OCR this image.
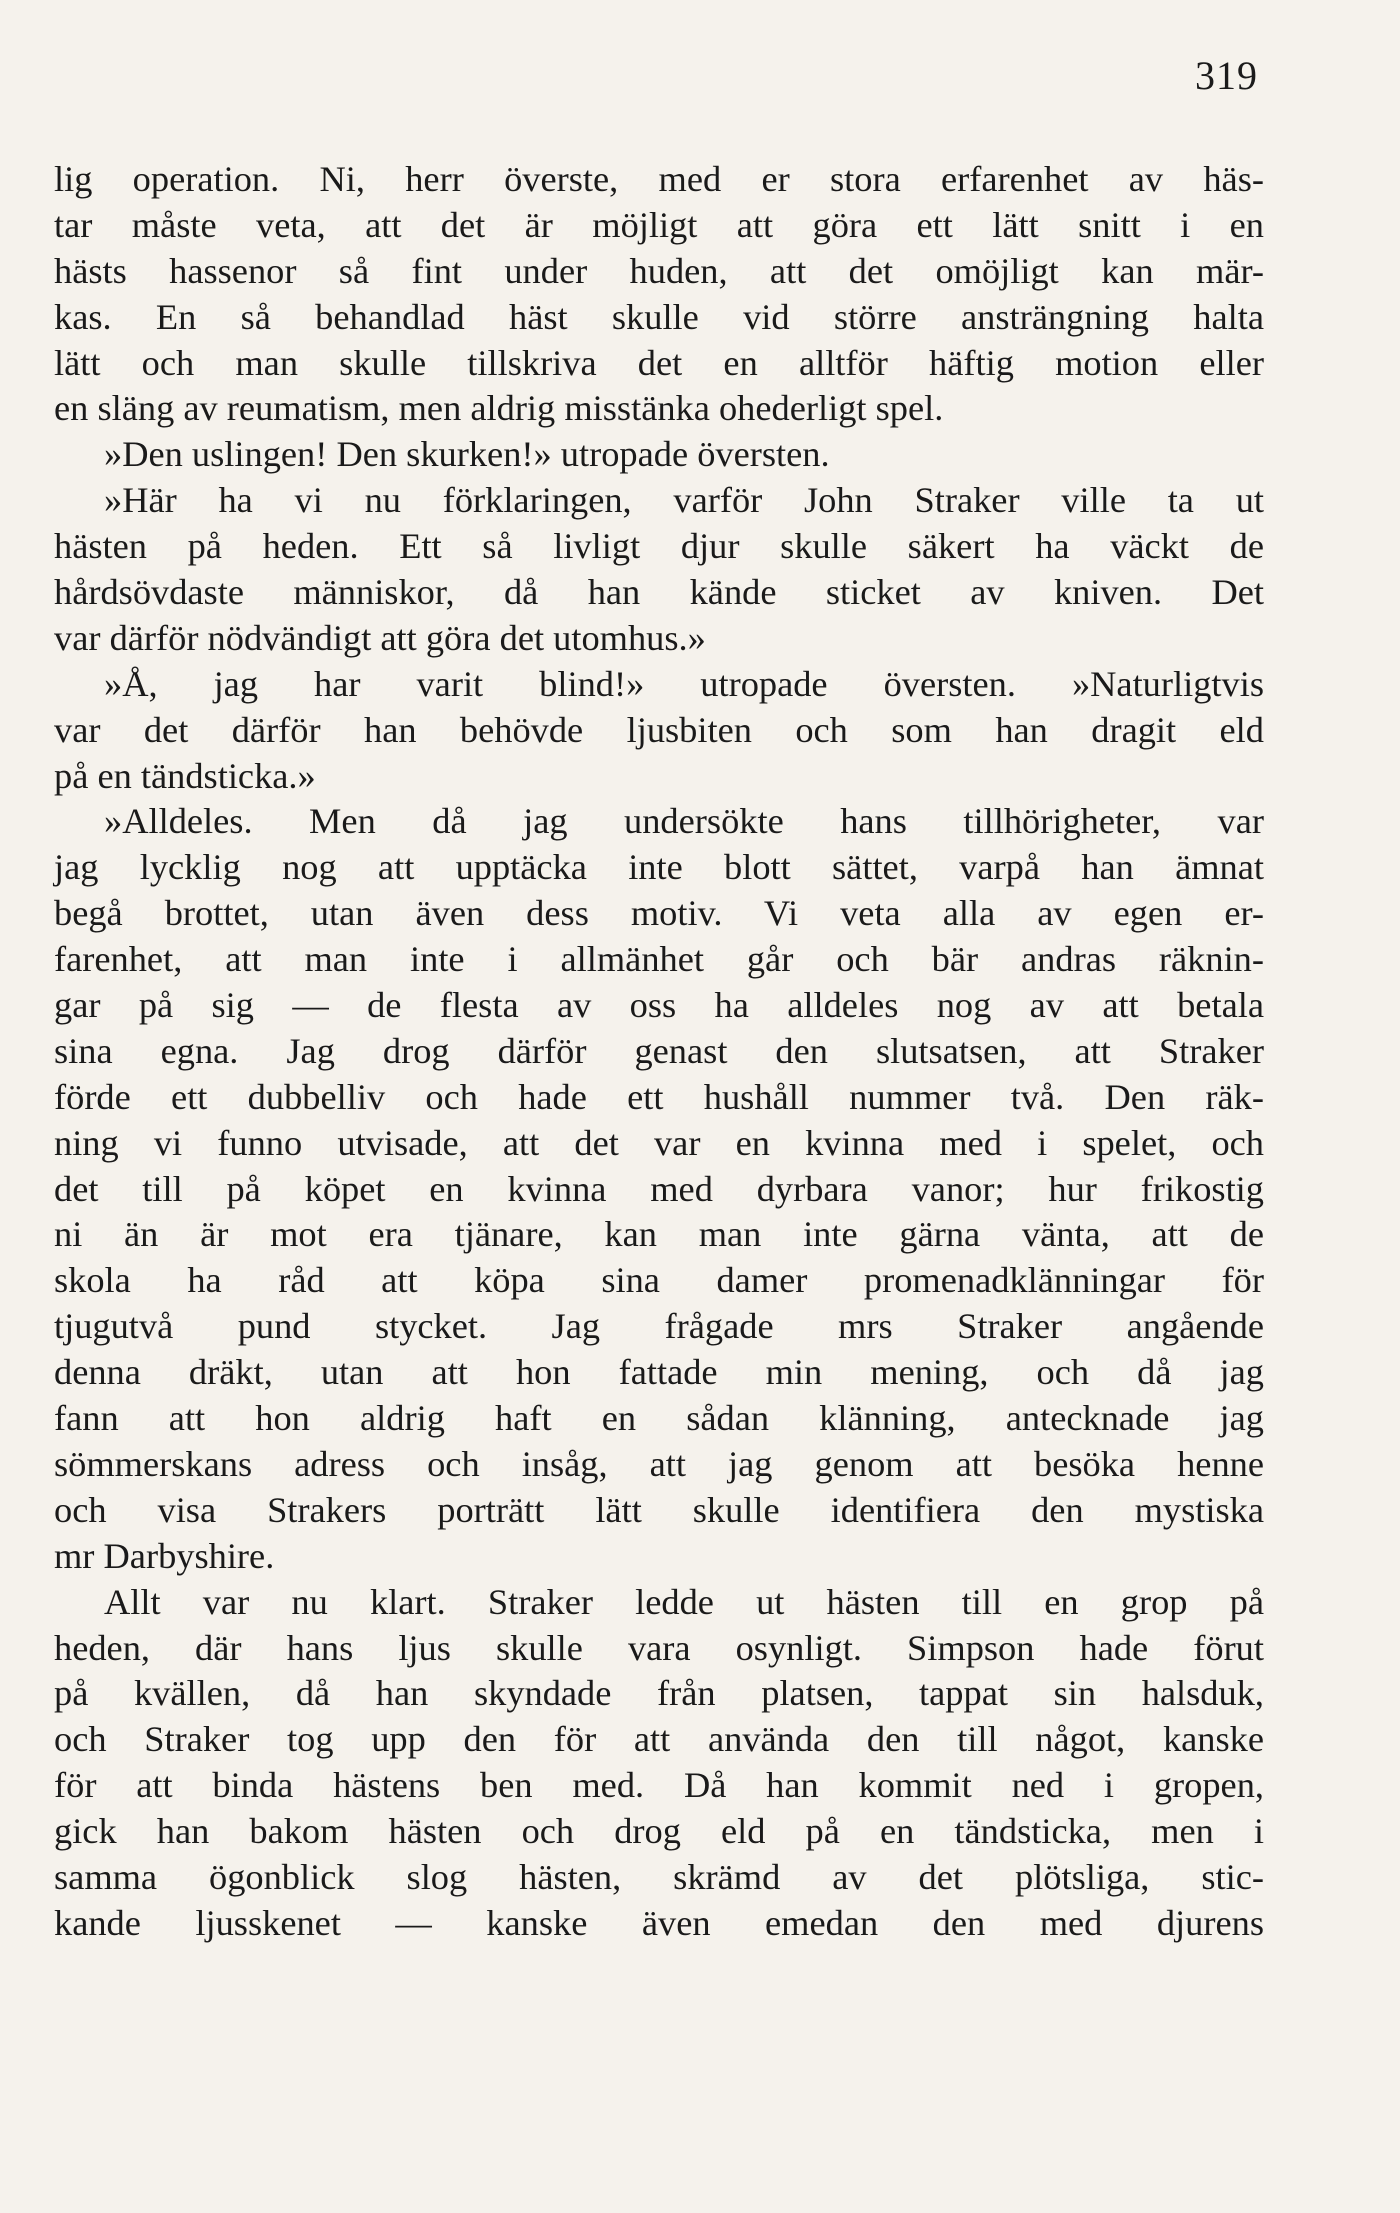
319
lig operation. Ni, herr överste, med er stora erfarenhet av häs-
tar måste veta, att det är möjligt att göra ett lätt snitt i en
hästs hassenor så fint under huden, att det omöjligt kan mär-
kas. En så behandlad häst skulle vid större ansträngning halta
lätt och man skulle tillskriva det en alltför häftig motion eller
en släng av reumatism, men aldrig misstänka ohederligt spel.
»Den uslingen! Den skurken!» utropade översten.
»Här ha vi nu förklaringen, varför John Straker ville ta ut
hästen på heden. Ett så livligt djur skulle säkert ha väckt de
hårdsövdaste människor, då han kände sticket av kniven. Det
var därför nödvändigt att göra det utomhus.»
»Å, jag har varit blind!» utropade översten. »Naturligtvis
var det därför han behövde ljusbiten och som han dragit eld
på en tändsticka.»
»Alldeles. Men då jag undersökte hans tillhörigheter, var
jag lycklig nog att upptäcka inte blott sättet, varpå han ämnat
begå brottet, utan även dess motiv. Vi veta alla av egen er-
farenhet, att man inte i allmänhet går och bär andras räknin-
gar på sig — de flesta av oss ha alldeles nog av att betala
sina egna. Jag drog därför genast den slutsatsen, att Straker
förde ett dubbelliv och hade ett hushåll nummer två. Den räk-
ning vi funno utvisade, att det var en kvinna med i spelet, och
det till på köpet en kvinna med dyrbara vanor; hur frikostig
ni än är mot era tjänare, kan man inte gärna vänta, att de
skola ha råd att köpa sina damer promenadklänningar för
tjugutvå pund stycket. Jag frågade mrs Straker angående
denna dräkt, utan att hon fattade min mening, och då jag
fann att hon aldrig haft en sådan klänning, antecknade jag
sömmerskans adress och insåg, att jag genom att besöka henne
och visa Strakers porträtt lätt skulle identifiera den mystiska
mr Darbyshire.
Allt var nu klart. Straker ledde ut hästen till en grop på
heden, där hans ljus skulle vara osynligt. Simpson hade förut
på kvällen, då han skyndade från platsen, tappat sin halsduk,
och Straker tog upp den för att använda den till något, kanske
för att binda hästens ben med. Då han kommit ned i gropen,
gick han bakom hästen och drog eld på en tändsticka, men i
samma ögonblick slog hästen, skrämd av det plötsliga, stic-
kande ljusskenet — kanske även emedan den med djurens
